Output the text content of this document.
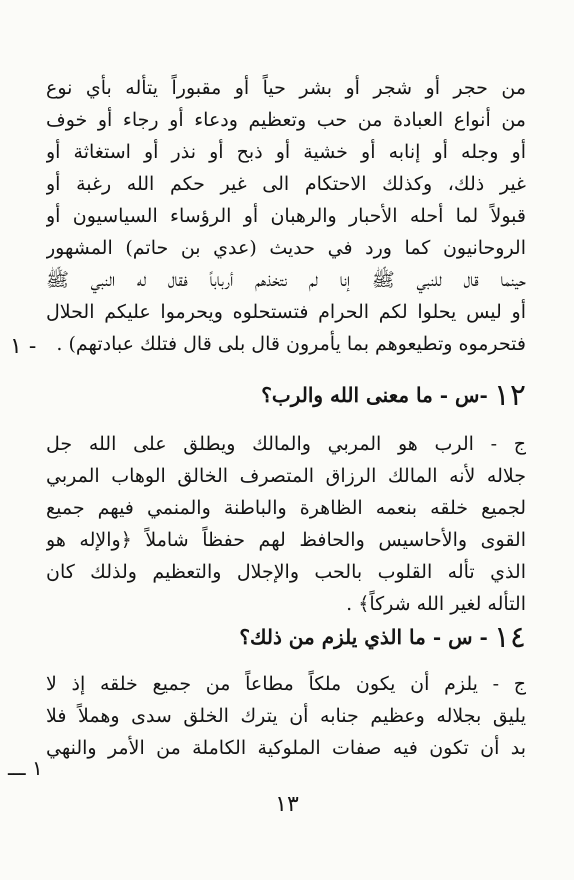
من حجر أو شجر أو بشر حياً أو مقبوراً يتأله بأي نوع
من أنواع العبادة من حب وتعظيم ودعاء أو رجاء أو خوف
أو وجله أو إنابه أو خشية أو ذبح أو نذر أو استغاثة أو
غير ذلك، وكذلك الاحتكام الى غير حكم الله رغبة أو
قبولاً لما أحله الأحبار والرهبان أو الرؤساء السياسيون أو
الروحانيون كما ورد في حديث (عدي بن حاتم) المشهور
حينما قال للنبي ﷺ إنا لم نتخذهم أرباباً فقال له النبي ﷺ
أو ليس يحلوا لكم الحرام فتستحلوه ويحرموا عليكم الحلال
فتحرموه وتطيعوهم بما يأمرون قال بلى قال فتلك عبادتهم) .
١ -
١٢-س - ما معنى الله والرب؟
ج - الرب هو المربي والمالك ويطلق على الله جل
جلاله لأنه المالك الرزاق المتصرف الخالق الوهاب المربي
لجميع خلقه بنعمه الظاهرة والباطنة والمنمي فيهم جميع
القوى والأحاسيس والحافظ لهم حفظاً شاملاً ﴿والإله هو
الذي تأله القلوب بالحب والإجلال والتعظيم ولذلك كان
التأله لغير الله شركاً﴾ .
١٤- س - ما الذي يلزم من ذلك؟
ج - يلزم أن يكون ملكاً مطاعاً من جميع خلقه إذ لا
يليق بجلاله وعظيم جنابه أن يترك الخلق سدى وهملاً فلا
بد أن تكون فيه صفات الملوكية الكاملة من الأمر والنهي
١ ـــ
١٣
